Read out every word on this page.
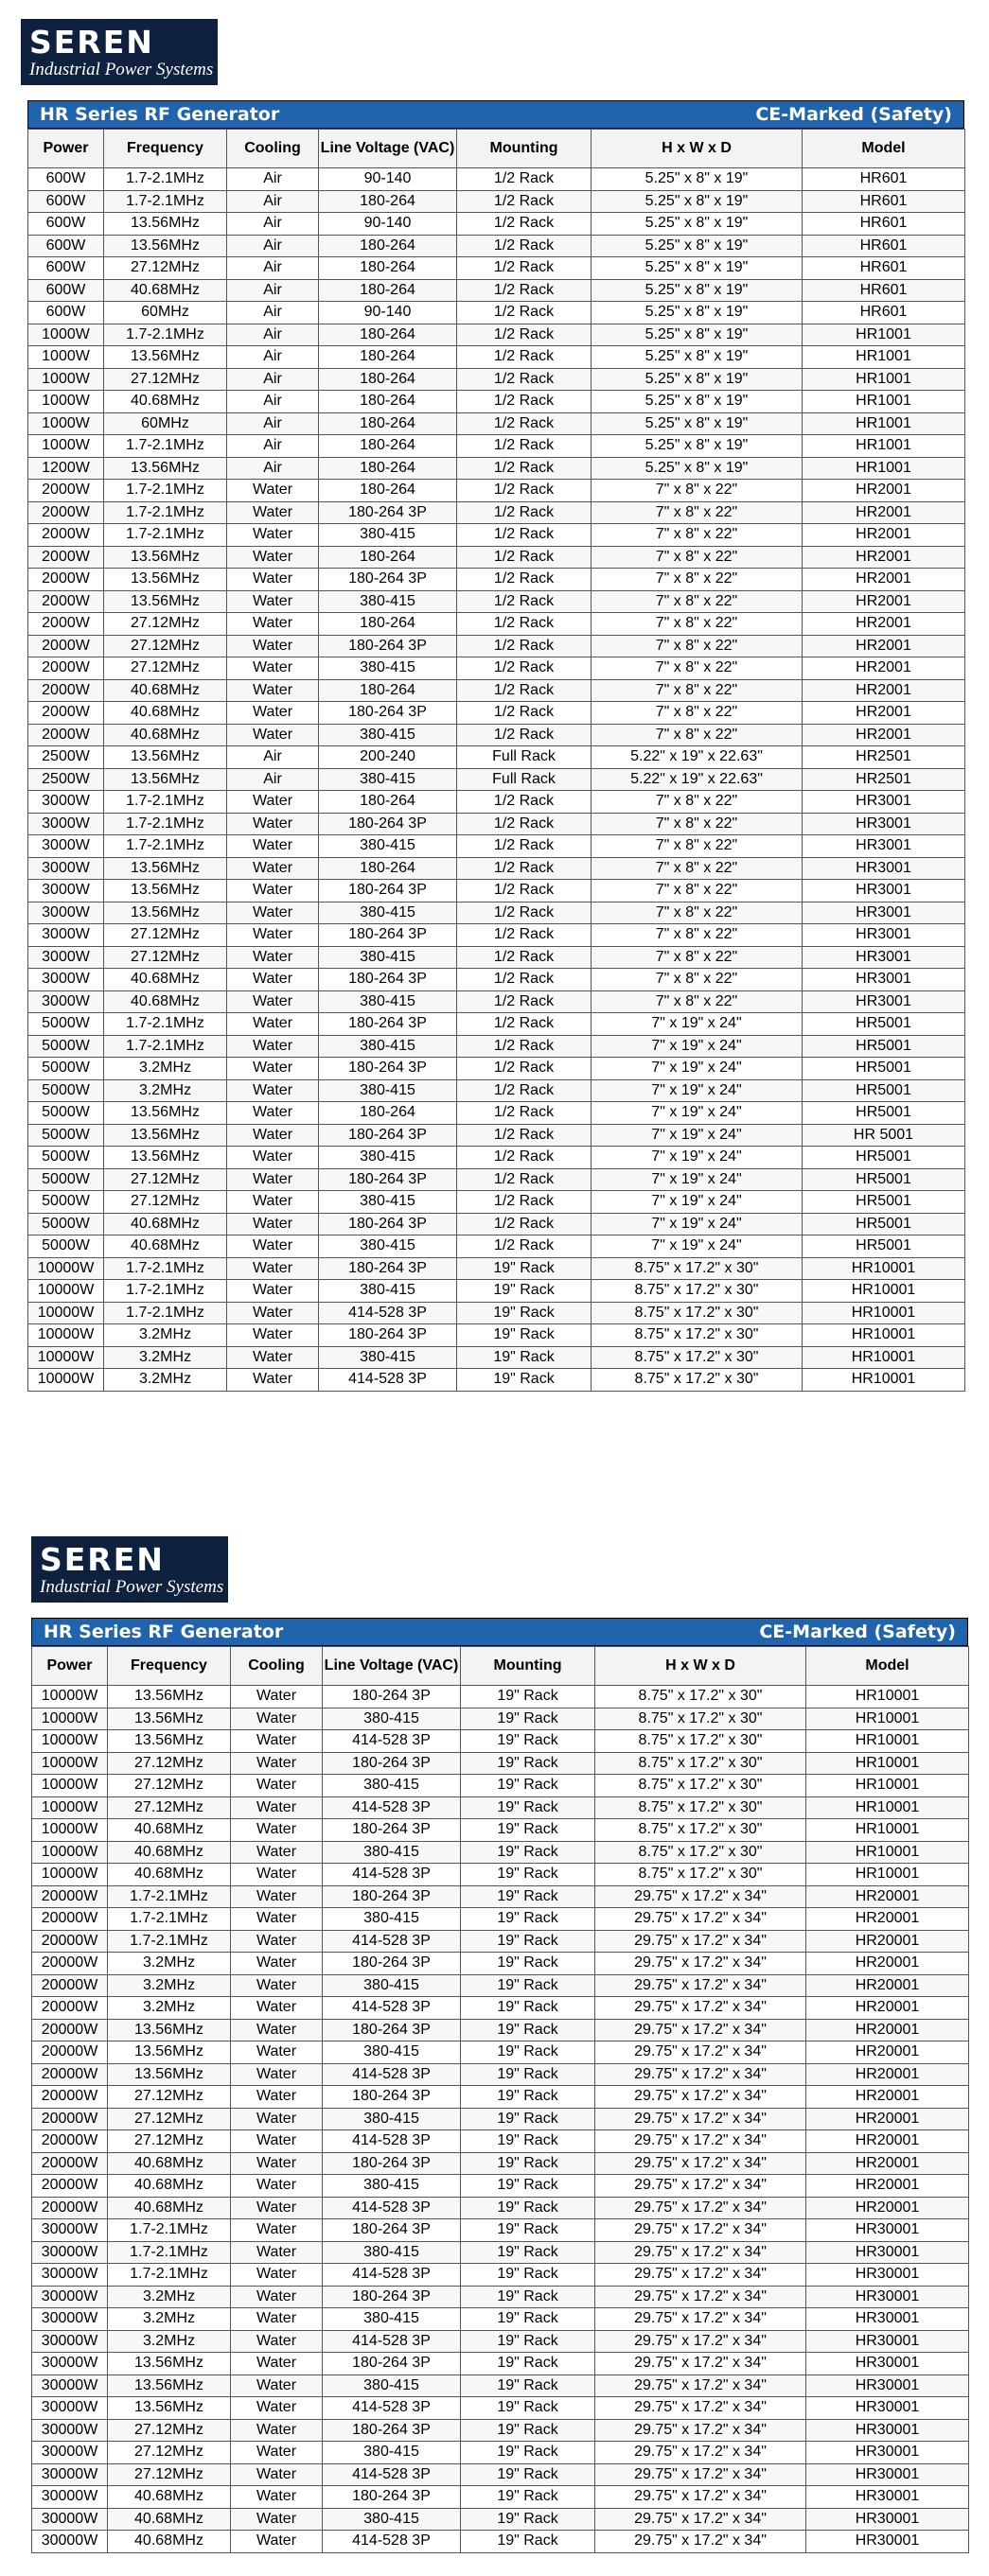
SEREN
Industrial Power Systems
HR Series RF Generator	CE-Marked (Safety)
Power	Frequency	Cooling	Line Voltage (VAC)	Mounting	H x W x D	Model
600W	1.7-2.1MHz	Air	90-140	1/2 Rack	5.25" x 8" x 19"	HR601
600W	1.7-2.1MHz	Air	180-264	1/2 Rack	5.25" x 8" x 19"	HR601
600W	13.56MHz	Air	90-140	1/2 Rack	5.25" x 8" x 19"	HR601
600W	13.56MHz	Air	180-264	1/2 Rack	5.25" x 8" x 19"	HR601
600W	27.12MHz	Air	180-264	1/2 Rack	5.25" x 8" x 19"	HR601
600W	40.68MHz	Air	180-264	1/2 Rack	5.25" x 8" x 19"	HR601
600W	60MHz	Air	90-140	1/2 Rack	5.25" x 8" x 19"	HR601
1000W	1.7-2.1MHz	Air	180-264	1/2 Rack	5.25" x 8" x 19"	HR1001
1000W	13.56MHz	Air	180-264	1/2 Rack	5.25" x 8" x 19"	HR1001
1000W	27.12MHz	Air	180-264	1/2 Rack	5.25" x 8" x 19"	HR1001
1000W	40.68MHz	Air	180-264	1/2 Rack	5.25" x 8" x 19"	HR1001
1000W	60MHz	Air	180-264	1/2 Rack	5.25" x 8" x 19"	HR1001
1000W	1.7-2.1MHz	Air	180-264	1/2 Rack	5.25" x 8" x 19"	HR1001
1200W	13.56MHz	Air	180-264	1/2 Rack	5.25" x 8" x 19"	HR1001
2000W	1.7-2.1MHz	Water	180-264	1/2 Rack	7" x 8" x 22"	HR2001
2000W	1.7-2.1MHz	Water	180-264 3P	1/2 Rack	7" x 8" x 22"	HR2001
2000W	1.7-2.1MHz	Water	380-415	1/2 Rack	7" x 8" x 22"	HR2001
2000W	13.56MHz	Water	180-264	1/2 Rack	7" x 8" x 22"	HR2001
2000W	13.56MHz	Water	180-264 3P	1/2 Rack	7" x 8" x 22"	HR2001
2000W	13.56MHz	Water	380-415	1/2 Rack	7" x 8" x 22"	HR2001
2000W	27.12MHz	Water	180-264	1/2 Rack	7" x 8" x 22"	HR2001
2000W	27.12MHz	Water	180-264 3P	1/2 Rack	7" x 8" x 22"	HR2001
2000W	27.12MHz	Water	380-415	1/2 Rack	7" x 8" x 22"	HR2001
2000W	40.68MHz	Water	180-264	1/2 Rack	7" x 8" x 22"	HR2001
2000W	40.68MHz	Water	180-264 3P	1/2 Rack	7" x 8" x 22"	HR2001
2000W	40.68MHz	Water	380-415	1/2 Rack	7" x 8" x 22"	HR2001
2500W	13.56MHz	Air	200-240	Full Rack	5.22" x 19" x 22.63"	HR2501
2500W	13.56MHz	Air	380-415	Full Rack	5.22" x 19" x 22.63"	HR2501
3000W	1.7-2.1MHz	Water	180-264	1/2 Rack	7" x 8" x 22"	HR3001
3000W	1.7-2.1MHz	Water	180-264 3P	1/2 Rack	7" x 8" x 22"	HR3001
3000W	1.7-2.1MHz	Water	380-415	1/2 Rack	7" x 8" x 22"	HR3001
3000W	13.56MHz	Water	180-264	1/2 Rack	7" x 8" x 22"	HR3001
3000W	13.56MHz	Water	180-264 3P	1/2 Rack	7" x 8" x 22"	HR3001
3000W	13.56MHz	Water	380-415	1/2 Rack	7" x 8" x 22"	HR3001
3000W	27.12MHz	Water	180-264 3P	1/2 Rack	7" x 8" x 22"	HR3001
3000W	27.12MHz	Water	380-415	1/2 Rack	7" x 8" x 22"	HR3001
3000W	40.68MHz	Water	180-264 3P	1/2 Rack	7" x 8" x 22"	HR3001
3000W	40.68MHz	Water	380-415	1/2 Rack	7" x 8" x 22"	HR3001
5000W	1.7-2.1MHz	Water	180-264 3P	1/2 Rack	7" x 19" x 24"	HR5001
5000W	1.7-2.1MHz	Water	380-415	1/2 Rack	7" x 19" x 24"	HR5001
5000W	3.2MHz	Water	180-264 3P	1/2 Rack	7" x 19" x 24"	HR5001
5000W	3.2MHz	Water	380-415	1/2 Rack	7" x 19" x 24"	HR5001
5000W	13.56MHz	Water	180-264	1/2 Rack	7" x 19" x 24"	HR5001
5000W	13.56MHz	Water	180-264 3P	1/2 Rack	7" x 19" x 24"	HR 5001
5000W	13.56MHz	Water	380-415	1/2 Rack	7" x 19" x 24"	HR5001
5000W	27.12MHz	Water	180-264 3P	1/2 Rack	7" x 19" x 24"	HR5001
5000W	27.12MHz	Water	380-415	1/2 Rack	7" x 19" x 24"	HR5001
5000W	40.68MHz	Water	180-264 3P	1/2 Rack	7" x 19" x 24"	HR5001
5000W	40.68MHz	Water	380-415	1/2 Rack	7" x 19" x 24"	HR5001
10000W	1.7-2.1MHz	Water	180-264 3P	19" Rack	8.75" x 17.2" x 30"	HR10001
10000W	1.7-2.1MHz	Water	380-415	19" Rack	8.75" x 17.2" x 30"	HR10001
10000W	1.7-2.1MHz	Water	414-528 3P	19" Rack	8.75" x 17.2" x 30"	HR10001
10000W	3.2MHz	Water	180-264 3P	19" Rack	8.75" x 17.2" x 30"	HR10001
10000W	3.2MHz	Water	380-415	19" Rack	8.75" x 17.2" x 30"	HR10001
10000W	3.2MHz	Water	414-528 3P	19" Rack	8.75" x 17.2" x 30"	HR10001
SEREN
Industrial Power Systems
HR Series RF Generator	CE-Marked (Safety)
Power	Frequency	Cooling	Line Voltage (VAC)	Mounting	H x W x D	Model
10000W	13.56MHz	Water	180-264 3P	19" Rack	8.75" x 17.2" x 30"	HR10001
10000W	13.56MHz	Water	380-415	19" Rack	8.75" x 17.2" x 30"	HR10001
10000W	13.56MHz	Water	414-528 3P	19" Rack	8.75" x 17.2" x 30"	HR10001
10000W	27.12MHz	Water	180-264 3P	19" Rack	8.75" x 17.2" x 30"	HR10001
10000W	27.12MHz	Water	380-415	19" Rack	8.75" x 17.2" x 30"	HR10001
10000W	27.12MHz	Water	414-528 3P	19" Rack	8.75" x 17.2" x 30"	HR10001
10000W	40.68MHz	Water	180-264 3P	19" Rack	8.75" x 17.2" x 30"	HR10001
10000W	40.68MHz	Water	380-415	19" Rack	8.75" x 17.2" x 30"	HR10001
10000W	40.68MHz	Water	414-528 3P	19" Rack	8.75" x 17.2" x 30"	HR10001
20000W	1.7-2.1MHz	Water	180-264 3P	19" Rack	29.75" x 17.2" x 34"	HR20001
20000W	1.7-2.1MHz	Water	380-415	19" Rack	29.75" x 17.2" x 34"	HR20001
20000W	1.7-2.1MHz	Water	414-528 3P	19" Rack	29.75" x 17.2" x 34"	HR20001
20000W	3.2MHz	Water	180-264 3P	19" Rack	29.75" x 17.2" x 34"	HR20001
20000W	3.2MHz	Water	380-415	19" Rack	29.75" x 17.2" x 34"	HR20001
20000W	3.2MHz	Water	414-528 3P	19" Rack	29.75" x 17.2" x 34"	HR20001
20000W	13.56MHz	Water	180-264 3P	19" Rack	29.75" x 17.2" x 34"	HR20001
20000W	13.56MHz	Water	380-415	19" Rack	29.75" x 17.2" x 34"	HR20001
20000W	13.56MHz	Water	414-528 3P	19" Rack	29.75" x 17.2" x 34"	HR20001
20000W	27.12MHz	Water	180-264 3P	19" Rack	29.75" x 17.2" x 34"	HR20001
20000W	27.12MHz	Water	380-415	19" Rack	29.75" x 17.2" x 34"	HR20001
20000W	27.12MHz	Water	414-528 3P	19" Rack	29.75" x 17.2" x 34"	HR20001
20000W	40.68MHz	Water	180-264 3P	19" Rack	29.75" x 17.2" x 34"	HR20001
20000W	40.68MHz	Water	380-415	19" Rack	29.75" x 17.2" x 34"	HR20001
20000W	40.68MHz	Water	414-528 3P	19" Rack	29.75" x 17.2" x 34"	HR20001
30000W	1.7-2.1MHz	Water	180-264 3P	19" Rack	29.75" x 17.2" x 34"	HR30001
30000W	1.7-2.1MHz	Water	380-415	19" Rack	29.75" x 17.2" x 34"	HR30001
30000W	1.7-2.1MHz	Water	414-528 3P	19" Rack	29.75" x 17.2" x 34"	HR30001
30000W	3.2MHz	Water	180-264 3P	19" Rack	29.75" x 17.2" x 34"	HR30001
30000W	3.2MHz	Water	380-415	19" Rack	29.75" x 17.2" x 34"	HR30001
30000W	3.2MHz	Water	414-528 3P	19" Rack	29.75" x 17.2" x 34"	HR30001
30000W	13.56MHz	Water	180-264 3P	19" Rack	29.75" x 17.2" x 34"	HR30001
30000W	13.56MHz	Water	380-415	19" Rack	29.75" x 17.2" x 34"	HR30001
30000W	13.56MHz	Water	414-528 3P	19" Rack	29.75" x 17.2" x 34"	HR30001
30000W	27.12MHz	Water	180-264 3P	19" Rack	29.75" x 17.2" x 34"	HR30001
30000W	27.12MHz	Water	380-415	19" Rack	29.75" x 17.2" x 34"	HR30001
30000W	27.12MHz	Water	414-528 3P	19" Rack	29.75" x 17.2" x 34"	HR30001
30000W	40.68MHz	Water	180-264 3P	19" Rack	29.75" x 17.2" x 34"	HR30001
30000W	40.68MHz	Water	380-415	19" Rack	29.75" x 17.2" x 34"	HR30001
30000W	40.68MHz	Water	414-528 3P	19" Rack	29.75" x 17.2" x 34"	HR30001
